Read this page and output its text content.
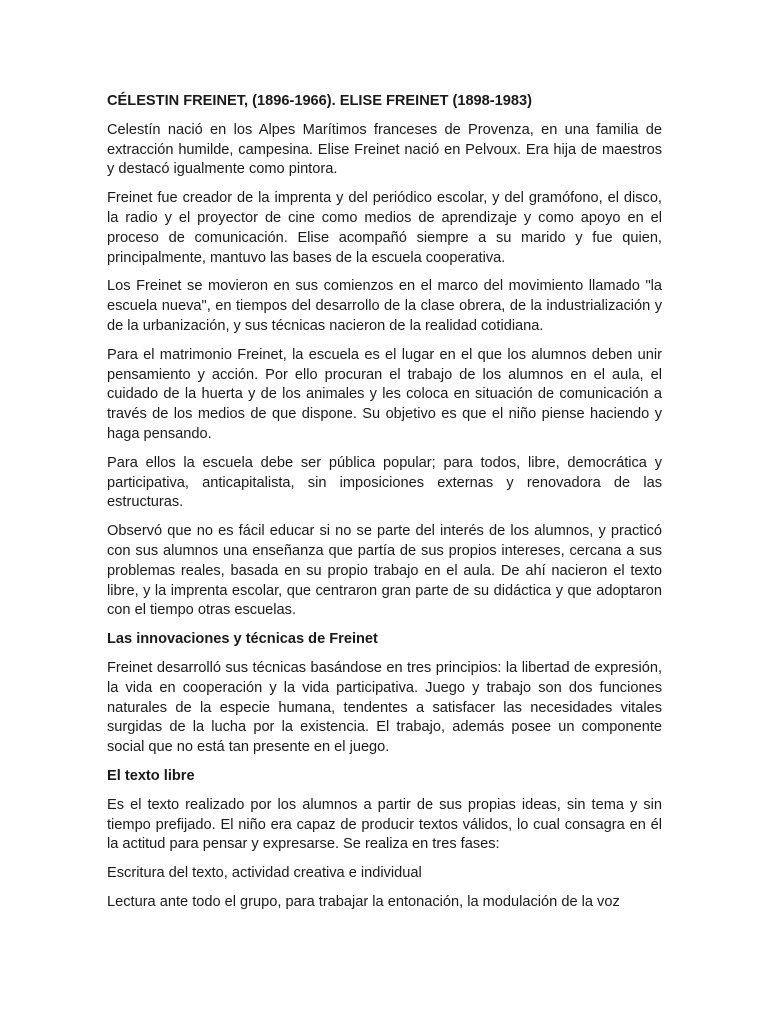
CÉLESTIN FREINET, (1896-1966). ELISE FREINET (1898-1983)

Celestín nació en los Alpes Marítimos franceses de Provenza, en una familia de extracción humilde, campesina. Elise Freinet nació en Pelvoux. Era hija de maestros y destacó igualmente como pintora.

Freinet fue creador de la imprenta y del periódico escolar, y del gramófono, el disco, la radio y el proyector de cine como medios de aprendizaje y como apoyo en el proceso de comunicación. Elise acompañó siempre a su marido y fue quien, principalmente, mantuvo las bases de la escuela cooperativa.

Los Freinet se movieron en sus comienzos en el marco del movimiento llamado "la escuela nueva", en tiempos del desarrollo de la clase obrera, de la industrialización y de la urbanización, y sus técnicas nacieron de la realidad cotidiana.

Para el matrimonio Freinet, la escuela es el lugar en el que los alumnos deben unir pensamiento y acción. Por ello procuran el trabajo de los alumnos en el aula, el cuidado de la huerta y de los animales y les coloca en situación de comunicación a través de los medios de que dispone. Su objetivo es que el niño piense haciendo y haga pensando.

Para ellos la escuela debe ser pública popular; para todos, libre, democrática y participativa, anticapitalista, sin imposiciones externas y renovadora de las estructuras.

Observó que no es fácil educar si no se parte del interés de los alumnos, y practicó con sus alumnos una enseñanza que partía de sus propios intereses, cercana a sus problemas reales, basada en su propio trabajo en el aula. De ahí nacieron el texto libre, y la imprenta escolar, que centraron gran parte de su didáctica y que adoptaron con el tiempo otras escuelas.

Las innovaciones y técnicas de Freinet

Freinet desarrolló sus técnicas basándose en tres principios: la libertad de expresión, la vida en cooperación y la vida participativa. Juego y trabajo son dos funciones naturales de la especie humana, tendentes a satisfacer las necesidades vitales surgidas de la lucha por la existencia. El trabajo, además posee un componente social que no está tan presente en el juego.

El texto libre

Es el texto realizado por los alumnos a partir de sus propias ideas, sin tema y sin tiempo prefijado. El niño era capaz de producir textos válidos, lo cual consagra en él la actitud para pensar y expresarse. Se realiza en tres fases:

Escritura del texto, actividad creativa e individual

Lectura ante todo el grupo, para trabajar la entonación, la modulación de la voz
